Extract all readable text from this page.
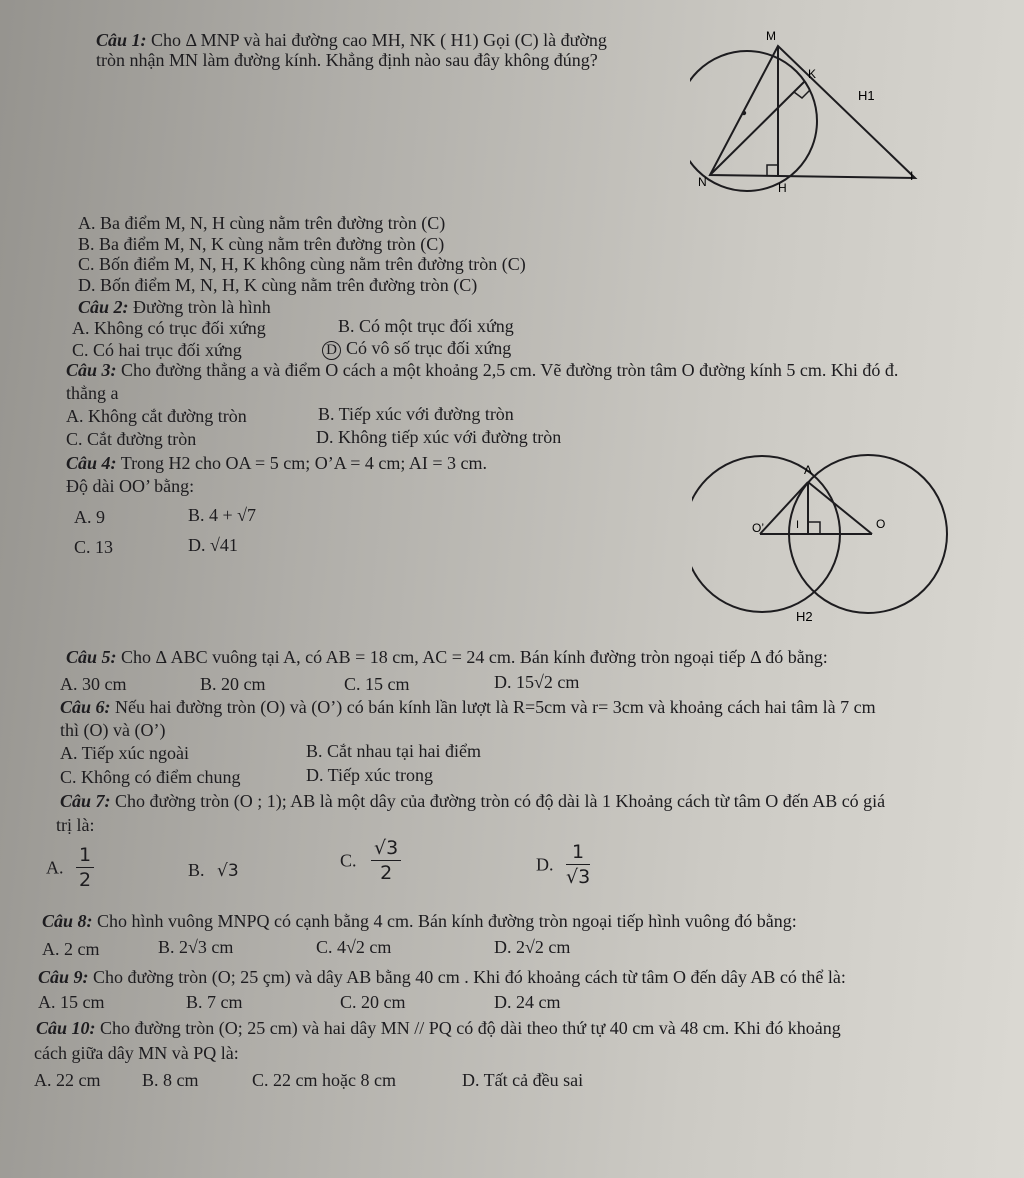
Câu 1: Cho Δ MNP và hai đường cao MH, NK ( H1) Gọi (C) là đường
tròn nhận MN làm đường kính. Khẳng định nào sau đây không đúng?
M
K
N	H
I
H1
A. Ba điểm M, N, H cùng nằm trên đường tròn (C)
B. Ba điểm M, N, K cùng nằm trên đường tròn (C)
C. Bốn điểm M, N, H, K không cùng nằm trên đường tròn (C)
D. Bốn điểm M, N, H, K cùng nằm trên đường tròn (C)
Câu 2: Đường tròn là hình
A. Không có trục đối xứng	B. Có một trục đối xứng
C. Có hai trục đối xứng	D Có vô số trục đối xứng
Câu 3: Cho đường thẳng a và điểm O cách a một khoảng 2,5 cm. Vẽ đường tròn tâm O đường kính 5 cm. Khi đó đ.
thẳng a
A. Không cắt đường tròn	B. Tiếp xúc với đường tròn
C. Cắt đường tròn	D. Không tiếp xúc với đường tròn
Câu 4: Trong H2 cho OA = 5 cm; O’A = 4 cm; AI = 3 cm.
Độ dài OO’ bằng:
A. 9	B. 4 + √7
C. 13	D. √41
A
O’	I	O
H2
Câu 5: Cho Δ ABC vuông tại A, có AB = 18 cm, AC = 24 cm. Bán kính đường tròn ngoại tiếp Δ đó bằng:
A. 30 cm	B. 20 cm	C. 15 cm	D. 15√2 cm
Câu 6: Nếu hai đường tròn (O) và (O’) có bán kính lần lượt là R=5cm và r= 3cm và khoảng cách hai tâm là 7 cm
thì (O) và (O’)
A. Tiếp xúc ngoài	B. Cắt nhau tại hai điểm
C. Không có điểm chung	D. Tiếp xúc trong
Câu 7: Cho đường tròn (O ; 1); AB là một dây của đường tròn có độ dài là 1 Khoảng cách từ tâm O đến AB có giá
trị là:
A. $\frac{1}{2}$	B. √3
C. $\frac{√3}{2}$	D. $\frac{1}{√3}$
Câu 8: Cho hình vuông MNPQ có cạnh bằng 4 cm. Bán kính đường tròn ngoại tiếp hình vuông đó bằng:
A. 2 cm	B. 2√3 cm	C. 4√2 cm	D. 2√2 cm
Câu 9: Cho đường tròn (O; 25 çm) và dây AB bằng 40 cm . Khi đó khoảng cách từ tâm O đến dây AB có thể là:
A. 15 cm	B. 7 cm	C. 20 cm	D. 24 cm
Câu 10: Cho đường tròn (O; 25 cm) và hai dây MN // PQ có độ dài theo thứ tự 40 cm và 48 cm. Khi đó khoảng
cách giữa dây MN và PQ là:
A. 22 cm B. 8 cm	C. 22 cm hoặc 8 cm	D. Tất cả đều sai
